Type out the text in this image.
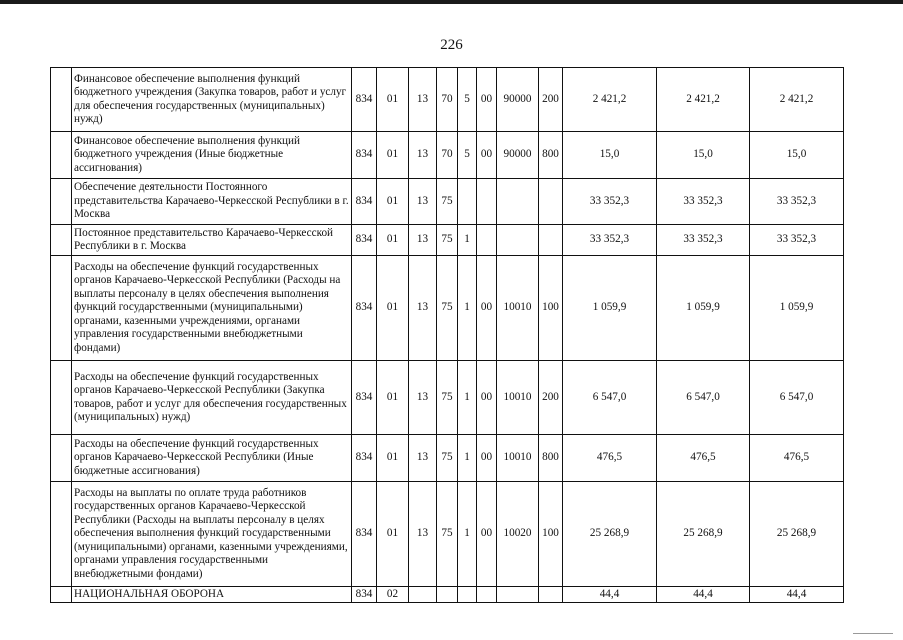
226

	Финансовое обеспечение выполнения функций бюджетного учреждения (Закупка товаров, работ и услуг для обеспечения государственных (муниципальных) нужд)	834	01	13	70	5	00	90000	200	2 421,2	2 421,2	2 421,2

	Финансовое обеспечение выполнения функций бюджетного учреждения (Иные бюджетные ассигнования)	834	01	13	70	5	00	90000	800	15,0	15,0	15,0

	Обеспечение деятельности Постоянного представительства Карачаево-Черкесской Республики в г. Москва	834	01	13	75					33 352,3	33 352,3	33 352,3

	Постоянное представительство Карачаево-Черкесской Республики в г. Москва	834	01	13	75	1				33 352,3	33 352,3	33 352,3

	Расходы на обеспечение функций государственных органов Карачаево-Черкесской Республики (Расходы на выплаты персоналу в целях обеспечения выполнения функций государственными (муниципальными) органами, казенными учреждениями, органами управления государственными внебюджетными фондами)	834	01	13	75	1	00	10010	100	1 059,9	1 059,9	1 059,9

	Расходы на обеспечение функций государственных органов Карачаево-Черкесской Республики (Закупка товаров, работ и услуг для обеспечения государственных (муниципальных) нужд)	834	01	13	75	1	00	10010	200	6 547,0	6 547,0	6 547,0

	Расходы на обеспечение функций государственных органов Карачаево-Черкесской Республики (Иные бюджетные ассигнования)	834	01	13	75	1	00	10010	800	476,5	476,5	476,5

	Расходы на выплаты по оплате труда работников государственных органов Карачаево-Черкесской Республики (Расходы на выплаты персоналу в целях обеспечения выполнения функций государственными (муниципальными) органами, казенными учреждениями, органами управления государственными внебюджетными фондами)	834	01	13	75	1	00	10020	100	25 268,9	25 268,9	25 268,9

	НАЦИОНАЛЬНАЯ ОБОРОНА	834	02							44,4	44,4	44,4
